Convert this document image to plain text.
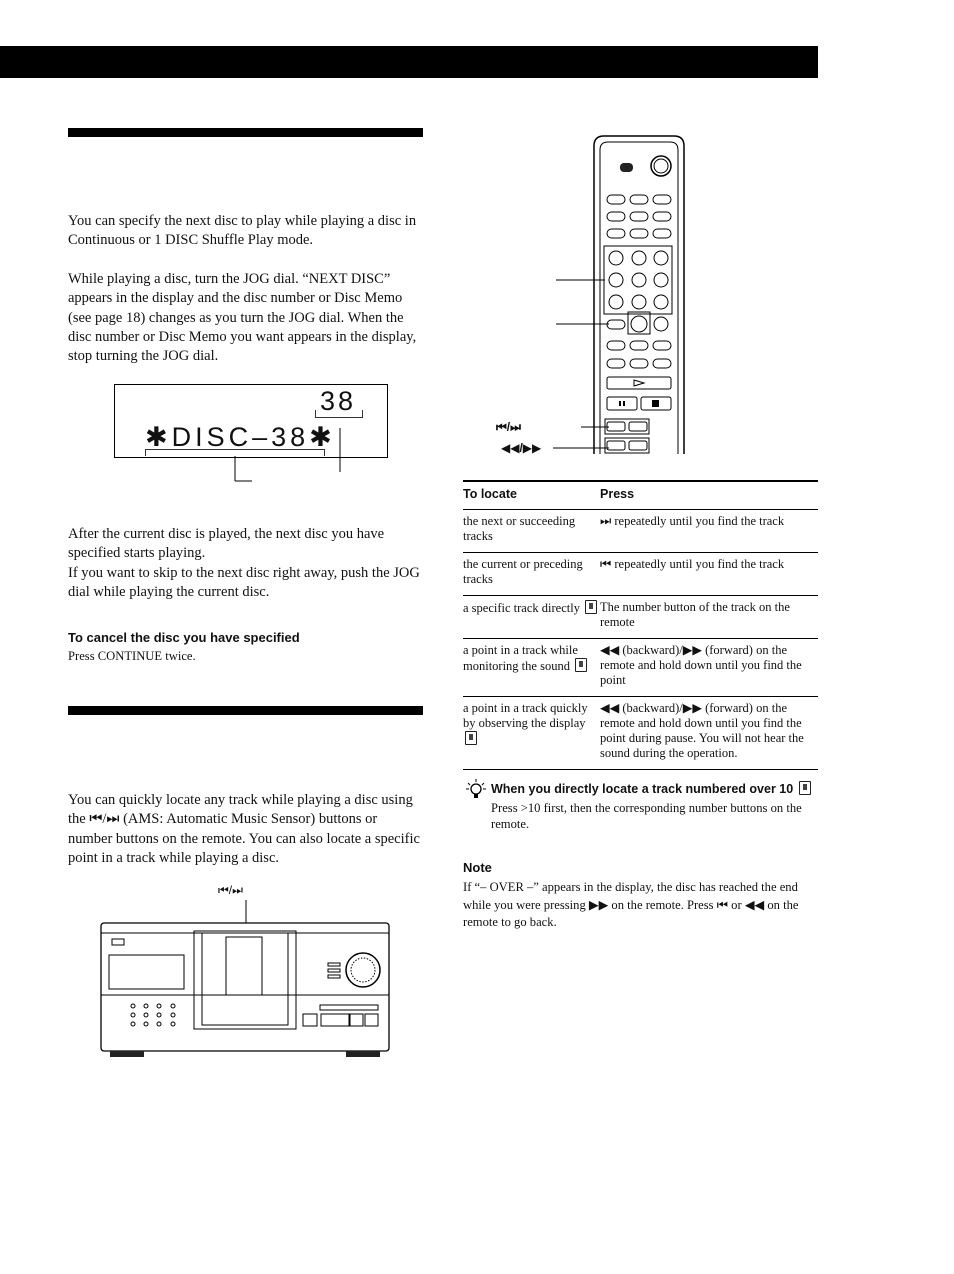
You can specify the next disc to play while playing a disc in Continuous or 1 DISC Shuffle Play mode.

While playing a disc, turn the JOG dial. “NEXT DISC” appears in the display and the disc number or Disc Memo (see page 18) changes as you turn the JOG dial. When the disc number or Disc Memo you want appears in the display, stop turning the JOG dial.

38
✱DISC–38✱

After the current disc is played, the next disc you have specified starts playing.

If you want to skip to the next disc right away, push the JOG dial while playing the current disc.

To cancel the disc you have specified
Press CONTINUE twice.

You can quickly locate any track while playing a disc using the ⏮/⏭ (AMS: Automatic Music Sensor) buttons or number buttons on the remote. You can also locate a specific point in a track while playing a disc.

⏮/⏭
⏮/⏭
◀◀/▶▶
To locate	Press
the next or succeeding tracks	⏭ repeatedly until you find the track
the current or preceding tracks	⏮ repeatedly until you find the track
a specific track directly	The number button of the track on the remote
a point in a track while monitoring the sound	◀◀ (backward)/▶▶ (forward) on the remote and hold down until you find the point
a point in a track quickly by observing the display	◀◀ (backward)/▶▶ (forward) on the remote and hold down until you find the point during pause. You will not hear the sound during the operation.
When you directly locate a track numbered over 10
Press >10 first, then the corresponding number buttons on the remote.
Note
If “– OVER –” appears in the display, the disc has reached the end while you were pressing ▶▶ on the remote. Press ⏮ or ◀◀ on the remote to go back.
